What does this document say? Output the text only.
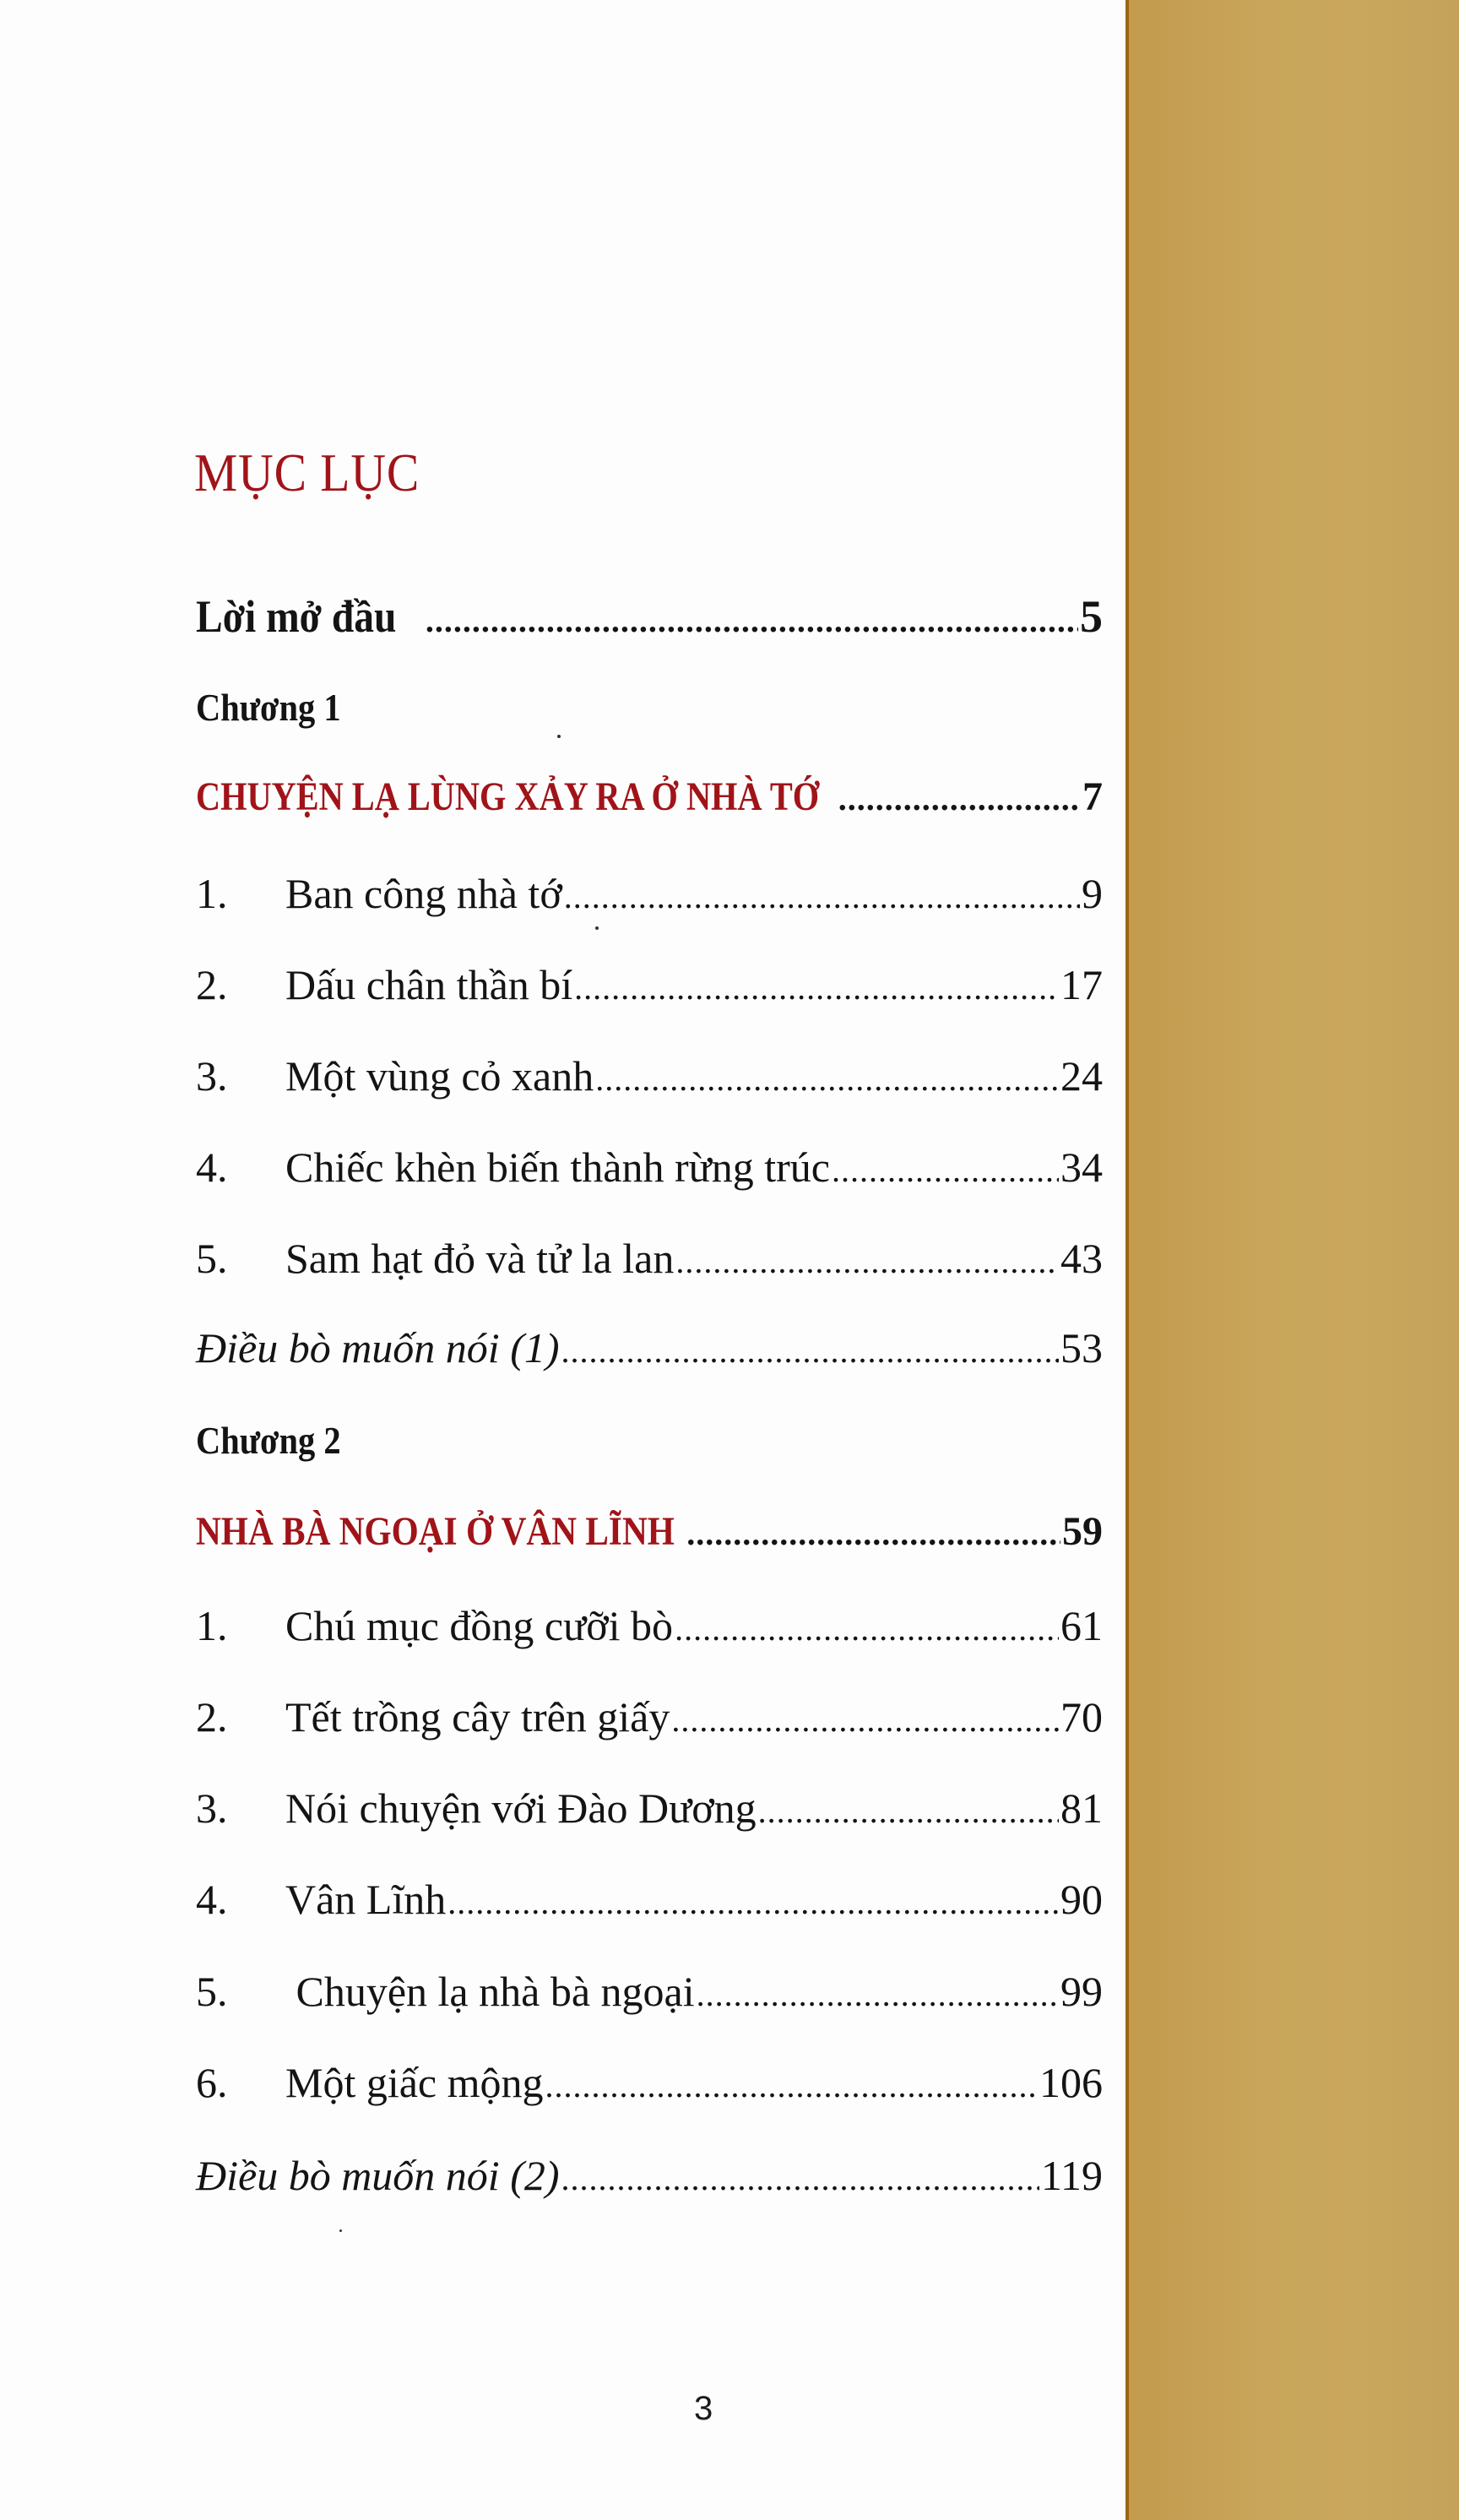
MỤC LỤC
Lời mở đầu .....	5
Chương 1
CHUYỆN LẠ LÙNG XẢY RA Ở NHÀ TỚ .....	7
1.	Ban công nhà tớ .....	9
2.	Dấu chân thần bí .....	17
3.	Một vùng cỏ xanh .....	24
4.	Chiếc khèn biến thành rừng trúc .....	34
5.	Sam hạt đỏ và tử la lan .....	43
Điều bò muốn nói (1) .....	53
Chương 2
NHÀ BÀ NGOẠI Ở VÂN LĨNH .....	59
1.	Chú mục đồng cưỡi bò .....	61
2.	Tết trồng cây trên giấy .....	70
3.	Nói chuyện với Đào Dương .....	81
4.	Vân Lĩnh .....	90
5.	Chuyện lạ nhà bà ngoại .....	99
6.	Một giấc mộng .....	106
Điều bò muốn nói (2) .....	119
3
